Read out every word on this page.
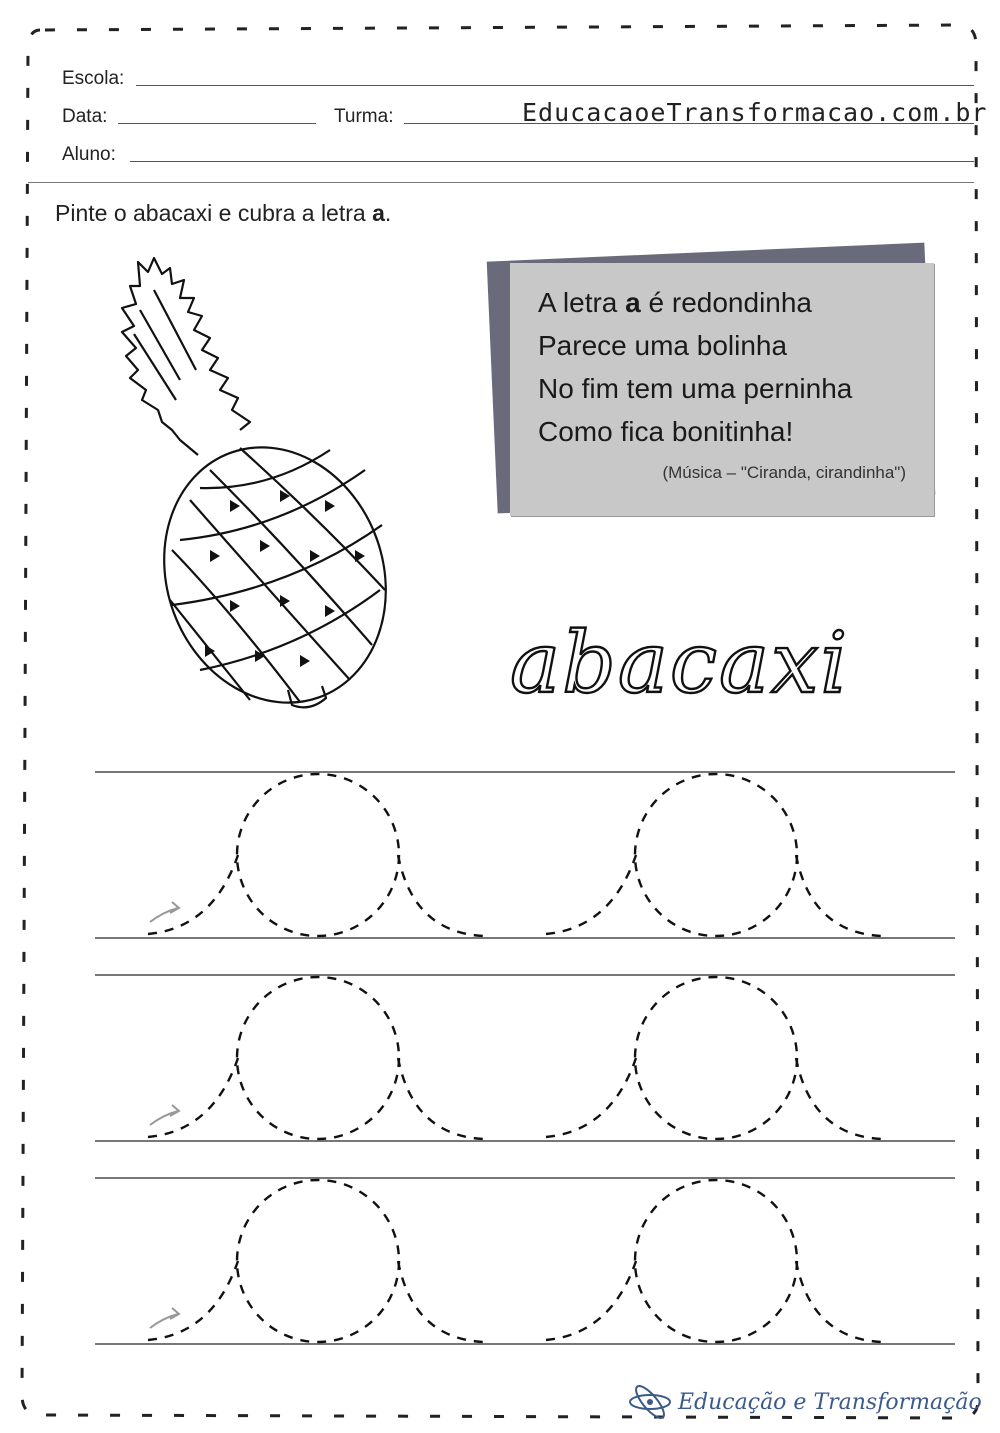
Escola:
Data:	Turma:	EducacaoeTransformacao.com.br
Aluno:
Pinte o abacaxi e cubra a letra a.
A letra a é redondinha
Parece uma bolinha
No fim tem uma perninha
Como fica bonitinha!
(Música – "Ciranda, cirandinha")
abacaxi
Educação e Transformação
